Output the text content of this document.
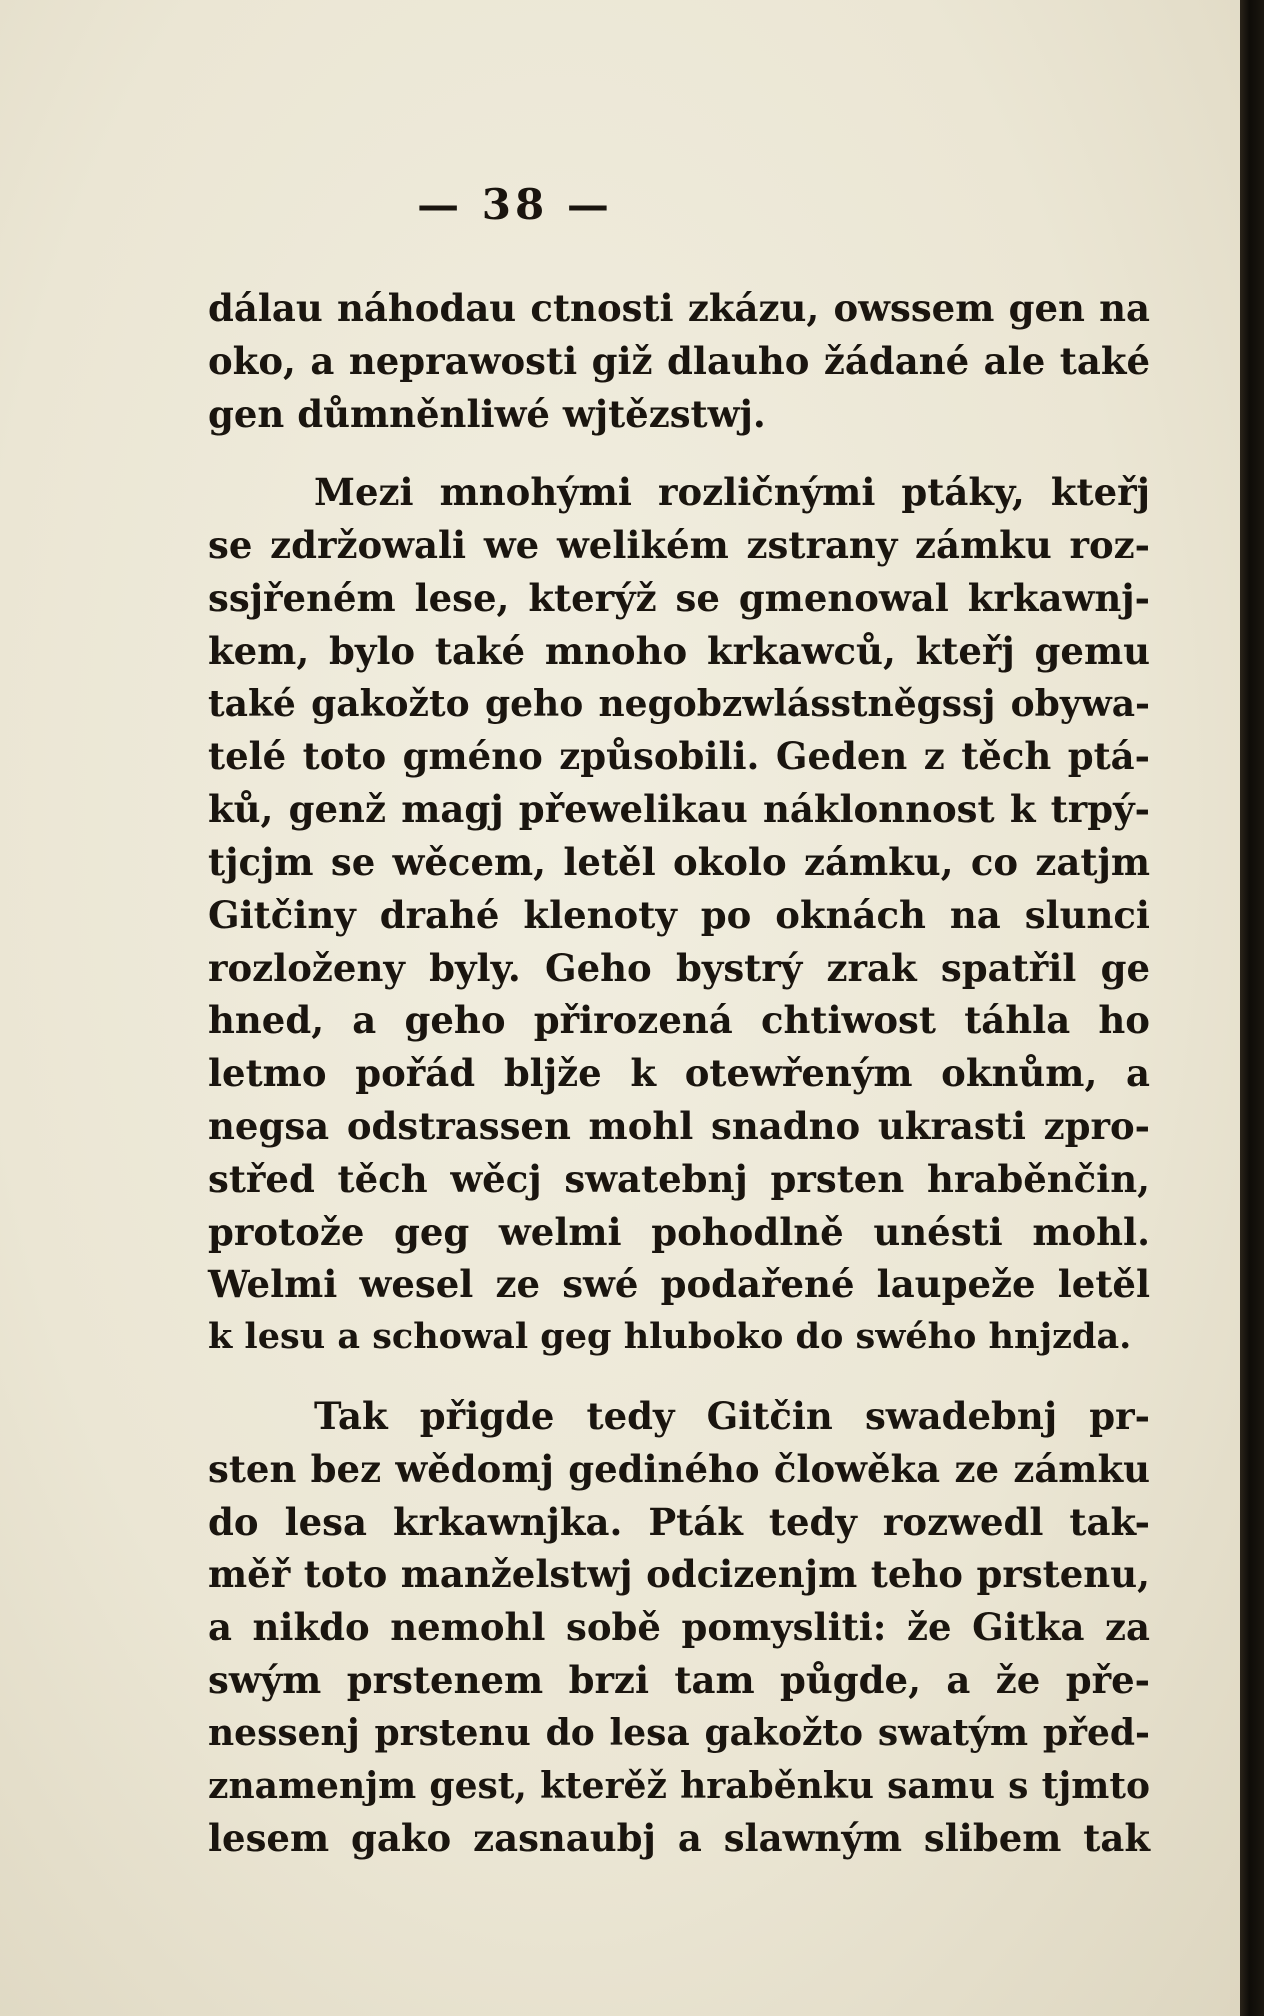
— 38 —
dálau náhodau ctnosti zkázu, owssem gen na
oko, a neprawosti giž dlauho žádané ale také
gen důmněnliwé wjtězstwj.
Mezi mnohými rozličnými ptáky, kteřj
se zdržowali we welikém zstrany zámku roz-
ssjřeném lese, kterýž se gmenowal krkawnj-
kem, bylo také mnoho krkawců, kteřj gemu
také gakožto geho negobzwlásstněgssj obywa-
telé toto gméno způsobili. Geden z těch ptá-
ků, genž magj přewelikau náklonnost k trpý-
tjcjm se wěcem, letěl okolo zámku, co zatjm
Gitčiny drahé klenoty po oknách na slunci
rozloženy byly. Geho bystrý zrak spatřil ge
hned, a geho přirozená chtiwost táhla ho
letmo pořád bljže k otewřeným oknům, a
negsa odstrassen mohl snadno ukrasti zpro-
střed těch wěcj swatebnj prsten hraběnčin,
protože geg welmi pohodlně unésti mohl.
Welmi wesel ze swé podařené laupeže letěl
k lesu a schowal geg hluboko do swého hnjzda.
Tak přigde tedy Gitčin swadebnj pr-
sten bez wědomj gediného člowěka ze zámku
do lesa krkawnjka. Pták tedy rozwedl tak-
měř toto manželstwj odcizenjm teho prstenu,
a nikdo nemohl sobě pomysliti: že Gitka za
swým prstenem brzi tam půgde, a že pře-
nessenj prstenu do lesa gakožto swatým před-
znamenjm gest, kterěž hraběnku samu s tjmto
lesem gako zasnaubj a slawným slibem tak
